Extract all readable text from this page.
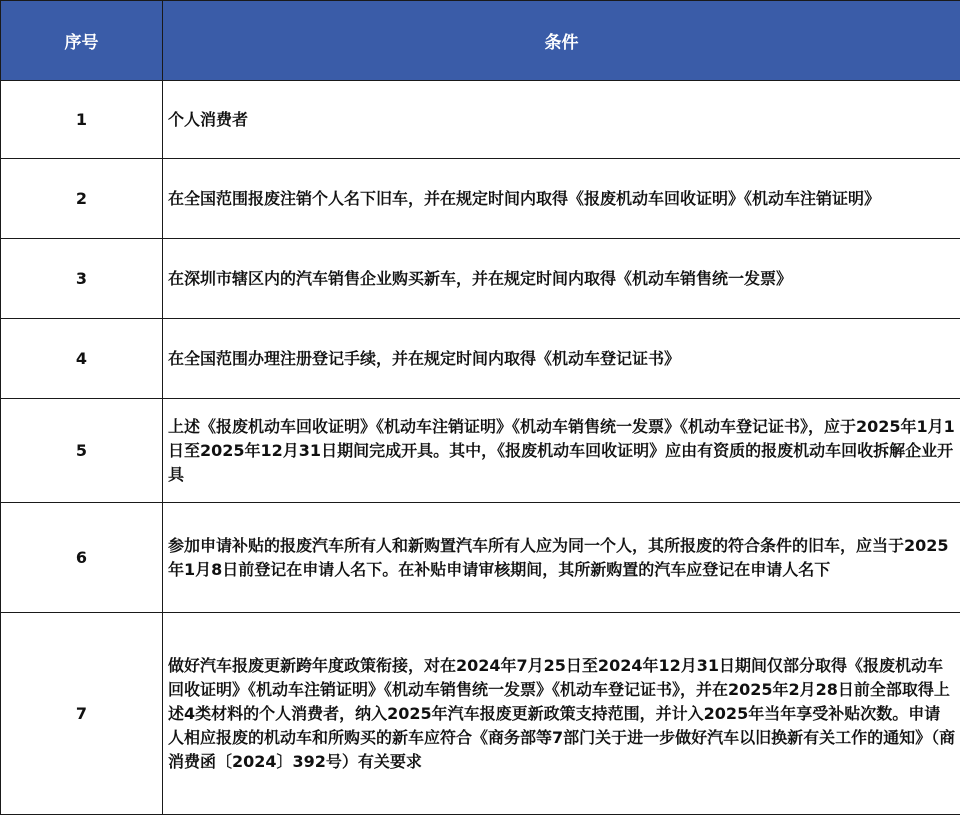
序号	条件
1	个人消费者
2	在全国范围报废注销个人名下旧车，并在规定时间内取得《报废机动车回收证明》《机动车注销证明》
3	在深圳市辖区内的汽车销售企业购买新车，并在规定时间内取得《机动车销售统一发票》
4	在全国范围办理注册登记手续，并在规定时间内取得《机动车登记证书》
5	上述《报废机动车回收证明》《机动车注销证明》《机动车销售统一发票》《机动车登记证书》，应于2025年1月1日至2025年12月31日期间完成开具。其中，《报废机动车回收证明》应由有资质的报废机动车回收拆解企业开具
6	参加申请补贴的报废汽车所有人和新购置汽车所有人应为同一个人，其所报废的符合条件的旧车，应当于2025年1月8日前登记在申请人名下。在补贴申请审核期间，其所新购置的汽车应登记在申请人名下
7	做好汽车报废更新跨年度政策衔接，对在2024年7月25日至2024年12月31日期间仅部分取得《报废机动车回收证明》《机动车注销证明》《机动车销售统一发票》《机动车登记证书》，并在2025年2月28日前全部取得上述4类材料的个人消费者，纳入2025年汽车报废更新政策支持范围，并计入2025年当年享受补贴次数。申请人相应报废的机动车和所购买的新车应符合《商务部等7部门关于进一步做好汽车以旧换新有关工作的通知》（商消费函〔2024〕392号）有关要求
